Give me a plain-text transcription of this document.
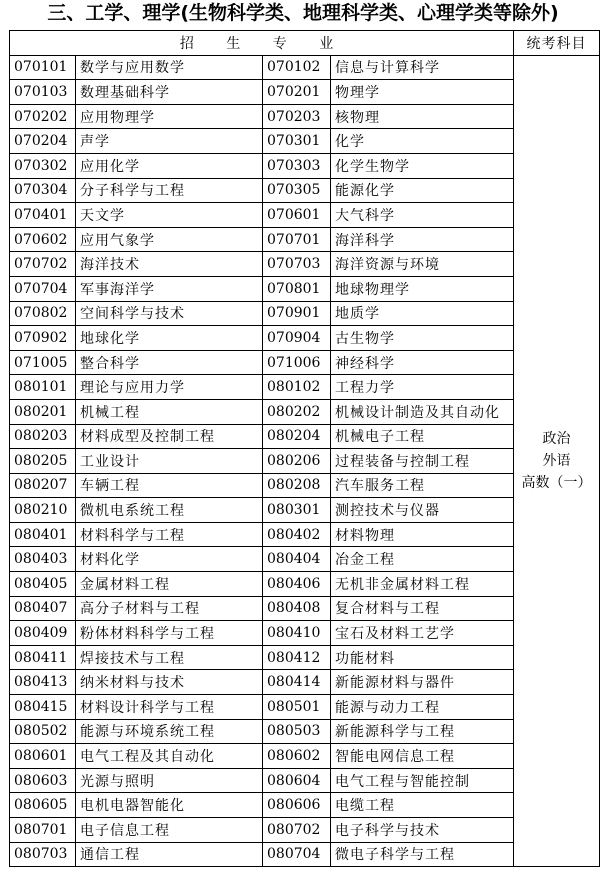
三、工学、理学(生物科学类、地理科学类、心理学类等除外)
招 生 专 业				统考科目
070101	数学与应用数学	070102	信息与计算科学	政治
外语
高数（一）

070103	数理基础科学	070201	物理学	
070202	应用物理学	070203	核物理	
070204	声学	070301	化学	
070302	应用化学	070303	化学生物学	
070304	分子科学与工程	070305	能源化学	
070401	天文学	070601	大气科学	
070602	应用气象学	070701	海洋科学	
070702	海洋技术	070703	海洋资源与环境	
070704	军事海洋学	070801	地球物理学	
070802	空间科学与技术	070901	地质学	
070902	地球化学	070904	古生物学	
071005	整合科学	071006	神经科学	
080101	理论与应用力学	080102	工程力学	
080201	机械工程	080202	机械设计制造及其自动化	
080203	材料成型及控制工程	080204	机械电子工程	
080205	工业设计	080206	过程装备与控制工程	
080207	车辆工程	080208	汽车服务工程	
080210	微机电系统工程	080301	测控技术与仪器	
080401	材料科学与工程	080402	材料物理	
080403	材料化学	080404	冶金工程	
080405	金属材料工程	080406	无机非金属材料工程	
080407	高分子材料与工程	080408	复合材料与工程	
080409	粉体材料科学与工程	080410	宝石及材料工艺学	
080411	焊接技术与工程	080412	功能材料	
080413	纳米材料与技术	080414	新能源材料与器件	
080415	材料设计科学与工程	080501	能源与动力工程	
080502	能源与环境系统工程	080503	新能源科学与工程	
080601	电气工程及其自动化	080602	智能电网信息工程	
080603	光源与照明	080604	电气工程与智能控制	
080605	电机电器智能化	080606	电缆工程	
080701	电子信息工程	080702	电子科学与技术	
080703	通信工程	080704	微电子科学与工程	
